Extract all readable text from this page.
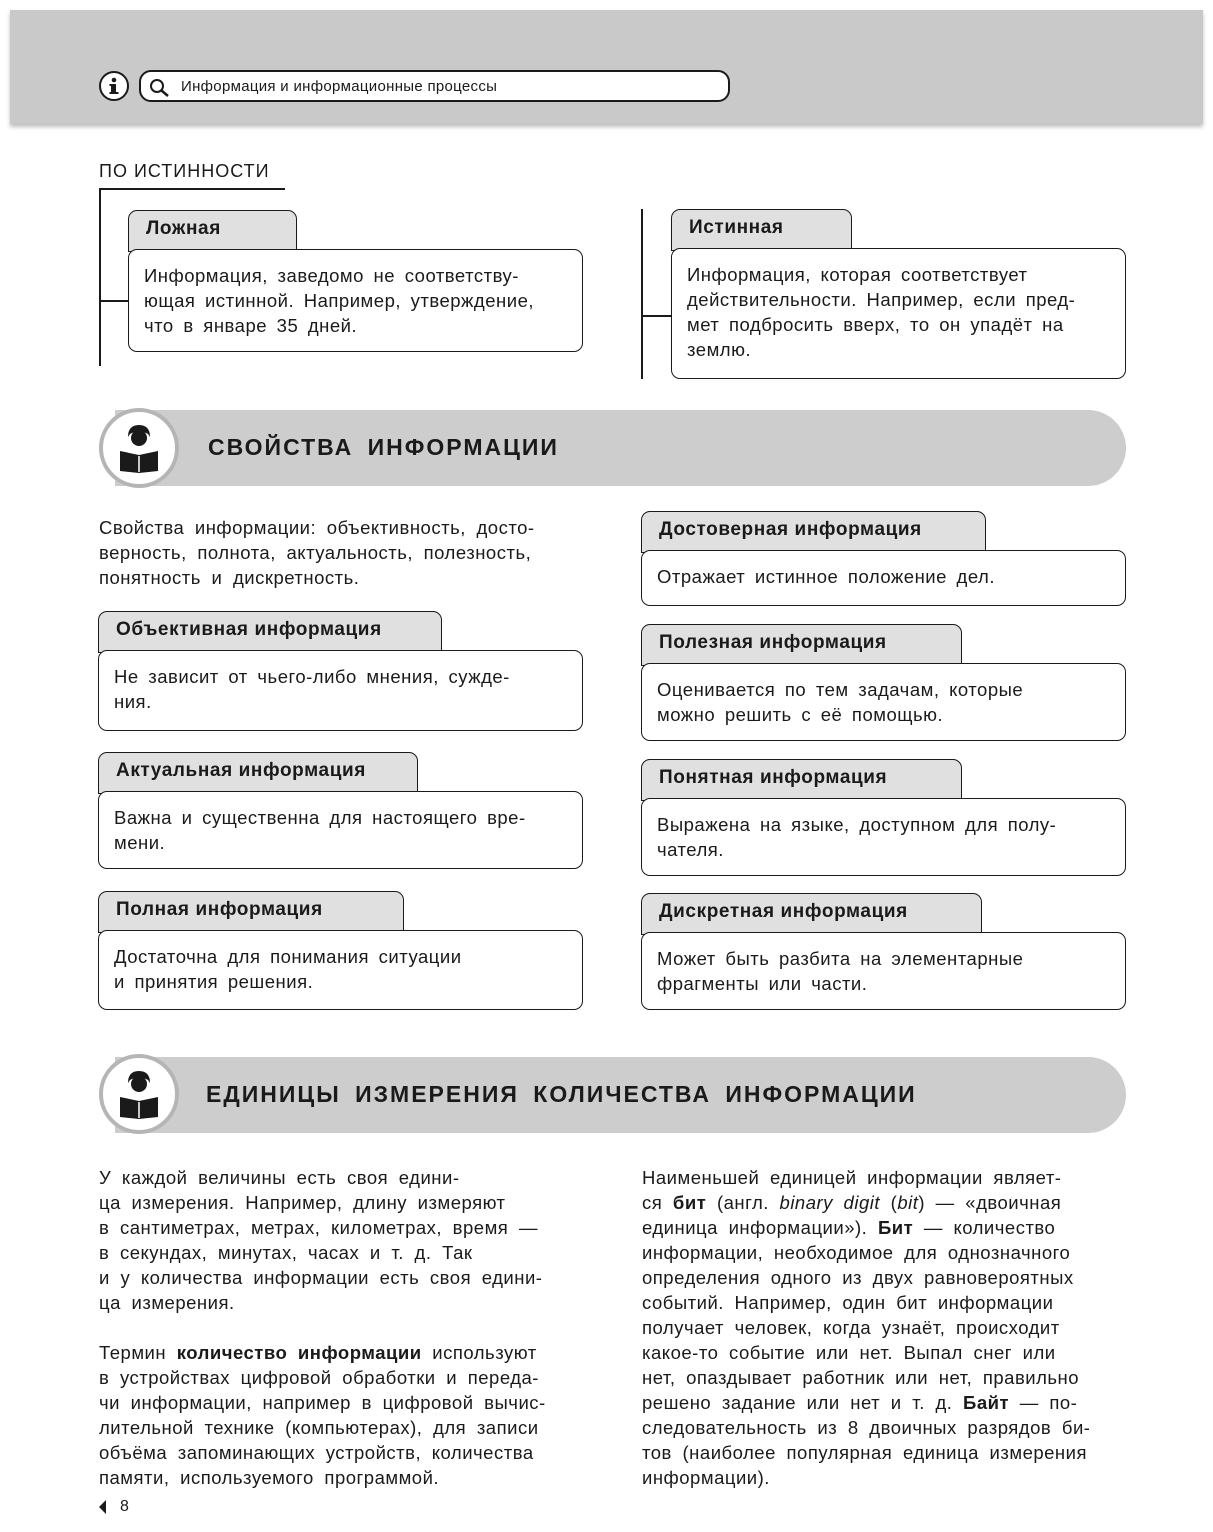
Информация и информационные процессы
ПО ИСТИННОСТИ
Ложная
Информация, заведомо не соответству-
ющая истинной. Например, утверждение,
что в январе 35 дней.
Истинная
Информация, которая соответствует
действительности. Например, если пред-
мет подбросить вверх, то он упадёт на
землю.
СВОЙСТВА ИНФОРМАЦИИ
Свойства информации: объективность, досто-
верность, полнота, актуальность, полезность,
понятность и дискретность.
Объективная информация
Не зависит от чьего-либо мнения, сужде-
ния.
Актуальная информация
Важна и существенна для настоящего вре-
мени.
Полная информация
Достаточна для понимания ситуации
и принятия решения.
Достоверная информация
Отражает истинное положение дел.
Полезная информация
Оценивается по тем задачам, которые
можно решить с её помощью.
Понятная информация
Выражена на языке, доступном для полу-
чателя.
Дискретная информация
Может быть разбита на элементарные
фрагменты или части.
ЕДИНИЦЫ ИЗМЕРЕНИЯ КОЛИЧЕСТВА ИНФОРМАЦИИ
У каждой величины есть своя едини-
ца измерения. Например, длину измеряют
в сантиметрах, метрах, километрах, время —
в секундах, минутах, часах и т. д. Так
и у количества информации есть своя едини-
ца измерения.
Термин количество информации используют
в устройствах цифровой обработки и переда-
чи информации, например в цифровой вычис-
лительной технике (компьютерах), для записи
объёма запоминающих устройств, количества
памяти, используемого программой.
Наименьшей единицей информации являет-
ся бит (англ. binary digit (bit) — «двоичная
единица информации»). Бит — количество
информации, необходимое для однозначного
определения одного из двух равновероятных
событий. Например, один бит информации
получает человек, когда узнаёт, происходит
какое-то событие или нет. Выпал снег или
нет, опаздывает работник или нет, правильно
решено задание или нет и т. д. Байт — по-
следовательность из 8 двоичных разрядов би-
тов (наиболее популярная единица измерения
информации).
8
